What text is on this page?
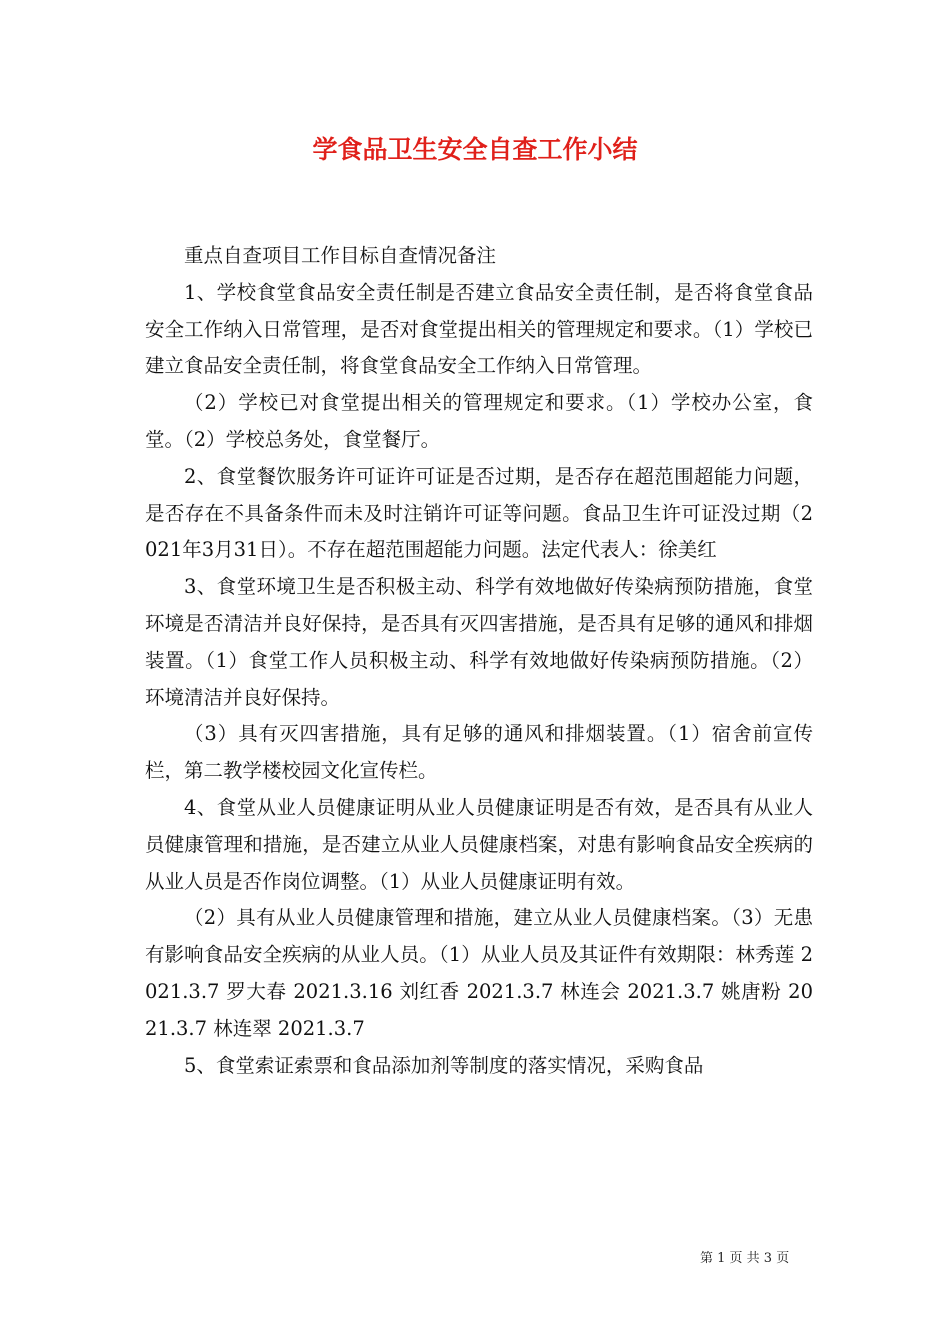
学食品卫生安全自查工作小结

重点自查项目工作目标自查情况备注

1、学校食堂食品安全责任制是否建立食品安全责任制，是否将食堂食品安全工作纳入日常管理，是否对食堂提出相关的管理规定和要求。（1）学校已建立食品安全责任制，将食堂食品安全工作纳入日常管理。

（2）学校已对食堂提出相关的管理规定和要求。（1）学校办公室，食堂。（2）学校总务处，食堂餐厅。

2、食堂餐饮服务许可证许可证是否过期，是否存在超范围超能力问题，是否存在不具备条件而未及时注销许可证等问题。食品卫生许可证没过期（2021年3月31日）。不存在超范围超能力问题。法定代表人：徐美红

3、食堂环境卫生是否积极主动、科学有效地做好传染病预防措施，食堂环境是否清洁并良好保持，是否具有灭四害措施，是否具有足够的通风和排烟装置。（1）食堂工作人员积极主动、科学有效地做好传染病预防措施。（2）环境清洁并良好保持。

（3）具有灭四害措施，具有足够的通风和排烟装置。（1）宿舍前宣传栏，第二教学楼校园文化宣传栏。

4、食堂从业人员健康证明从业人员健康证明是否有效，是否具有从业人员健康管理和措施，是否建立从业人员健康档案，对患有影响食品安全疾病的从业人员是否作岗位调整。（1）从业人员健康证明有效。

（2）具有从业人员健康管理和措施，建立从业人员健康档案。（3）无患有影响食品安全疾病的从业人员。（1）从业人员及其证件有效期限：林秀莲 2021.3.7 罗大春 2021.3.16 刘红香 2021.3.7 林连会 2021.3.7 姚唐粉 2021.3.7 林连翠 2021.3.7

5、食堂索证索票和食品添加剂等制度的落实情况，采购食品

第 1 页 共 3 页
